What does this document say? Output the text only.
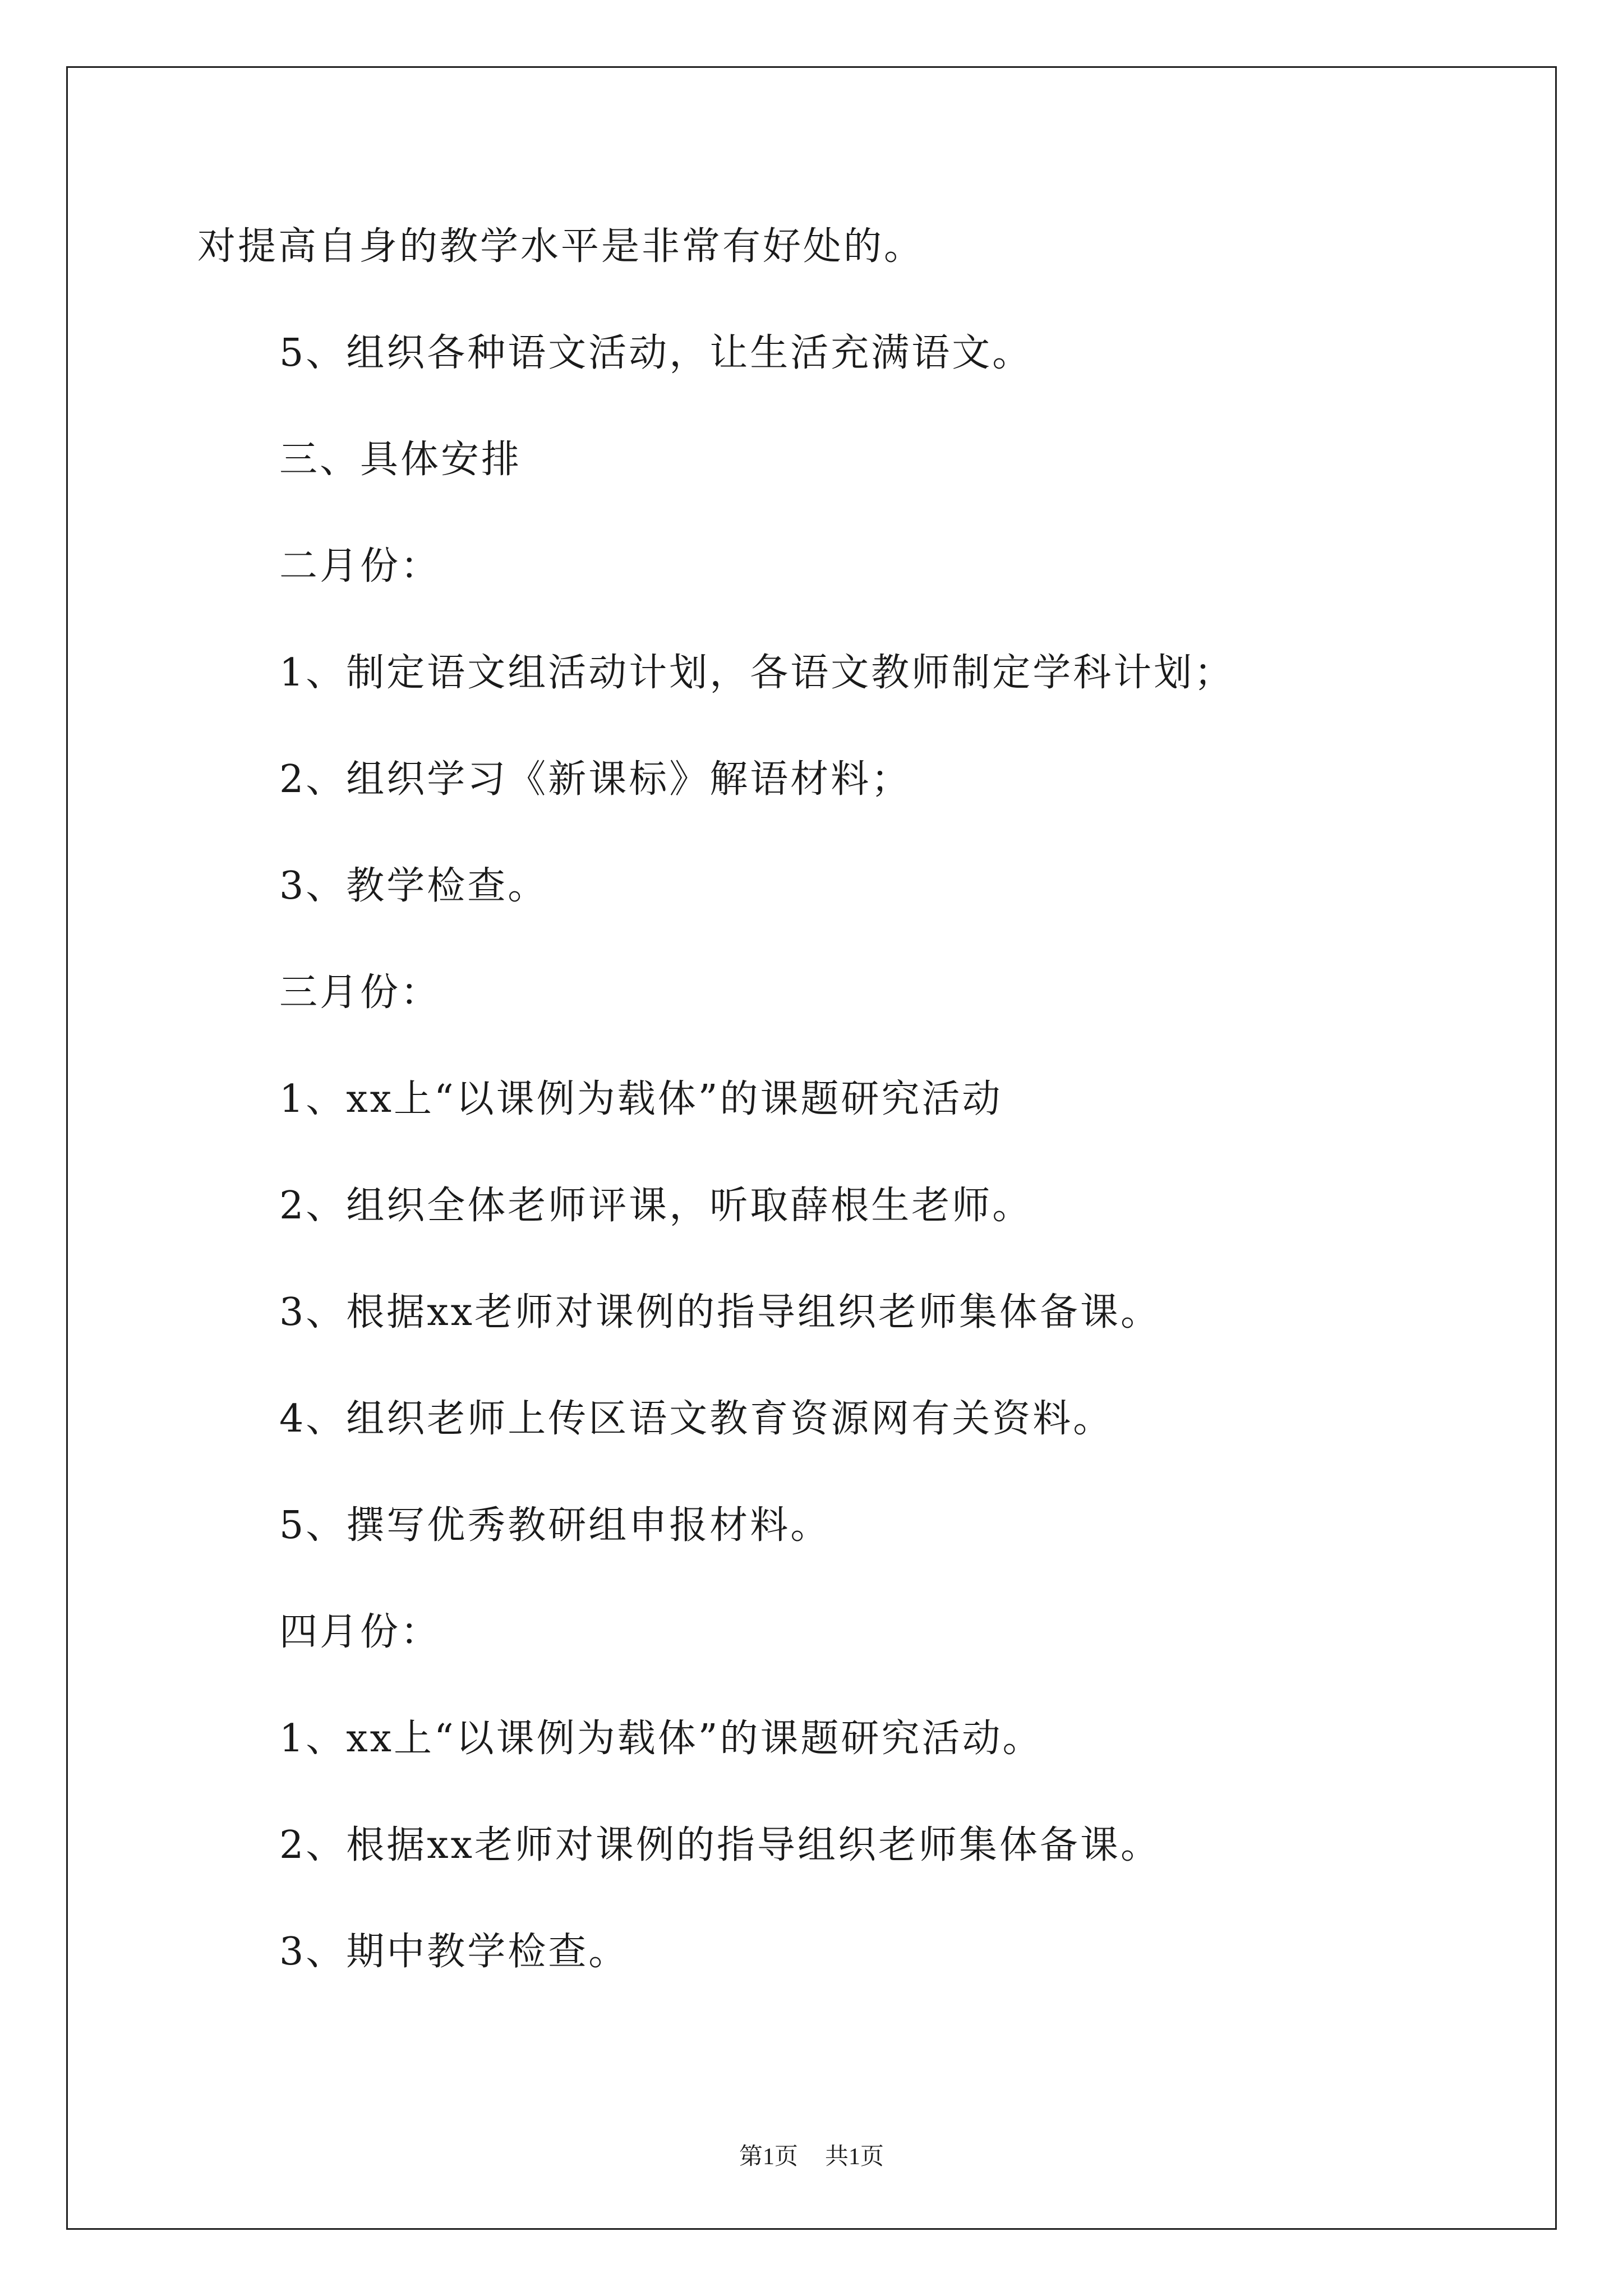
对提高自身的教学水平是非常有好处的。
5、组织各种语文活动，让生活充满语文。
三、具体安排
二月份：
1、制定语文组活动计划，各语文教师制定学科计划；
2、组织学习《新课标》解语材料；
3、教学检查。
三月份：
1、xx上“以课例为载体”的课题研究活动
2、组织全体老师评课，听取薛根生老师。
3、根据xx老师对课例的指导组织老师集体备课。
4、组织老师上传区语文教育资源网有关资料。
5、撰写优秀教研组申报材料。
四月份：
1、xx上“以课例为载体”的课题研究活动。
2、根据xx老师对课例的指导组织老师集体备课。
3、期中教学检查。
第1页 共1页
